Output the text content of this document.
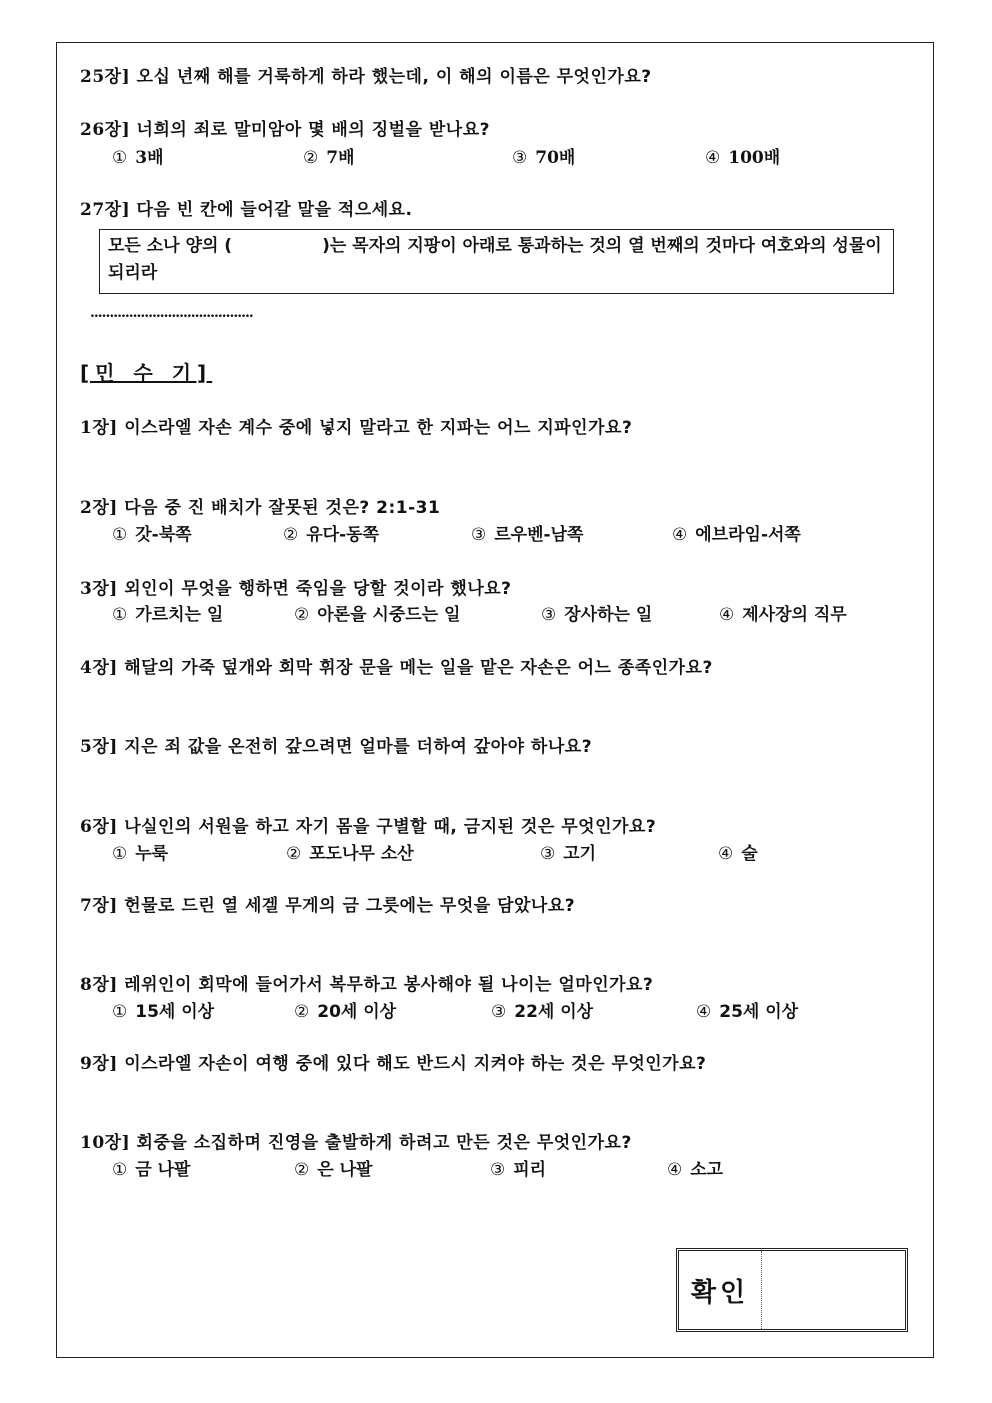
25장] 오십 년째 해를 거룩하게 하라 했는데, 이 해의 이름은 무엇인가요?
26장] 너희의 죄로 말미암아 몇 배의 징벌을 받나요?
① 3배	② 7배	③ 70배	④ 100배
27장] 다음 빈 칸에 들어갈 말을 적으세요.
모든 소나 양의 (	)는 목자의 지팡이 아래로 통과하는 것의 열 번째의 것마다 여호와의 성물이 되리라
..........................................
[민 수 기]
1장] 이스라엘 자손 계수 중에 넣지 말라고 한 지파는 어느 지파인가요?
2장] 다음 중 진 배치가 잘못된 것은? 2:1-31
① 갓-북쪽	② 유다-동쪽	③ 르우벤-남쪽	④ 에브라임-서쪽
3장] 외인이 무엇을 행하면 죽임을 당할 것이라 했나요?
① 가르치는 일	② 아론을 시중드는 일	③ 장사하는 일	④ 제사장의 직무
4장] 해달의 가죽 덮개와 회막 휘장 문을 메는 일을 맡은 자손은 어느 종족인가요?
5장] 지은 죄 값을 온전히 갚으려면 얼마를 더하여 갚아야 하나요?
6장] 나실인의 서원을 하고 자기 몸을 구별할 때, 금지된 것은 무엇인가요?
① 누룩	② 포도나무 소산	③ 고기	④ 술
7장] 헌물로 드린 열 세겔 무게의 금 그릇에는 무엇을 담았나요?
8장] 레위인이 회막에 들어가서 복무하고 봉사해야 될 나이는 얼마인가요?
① 15세 이상	② 20세 이상	③ 22세 이상	④ 25세 이상
9장] 이스라엘 자손이 여행 중에 있다 해도 반드시 지켜야 하는 것은 무엇인가요?
10장] 회중을 소집하며 진영을 출발하게 하려고 만든 것은 무엇인가요?
① 금 나팔	② 은 나팔	③ 피리	④ 소고
확인
